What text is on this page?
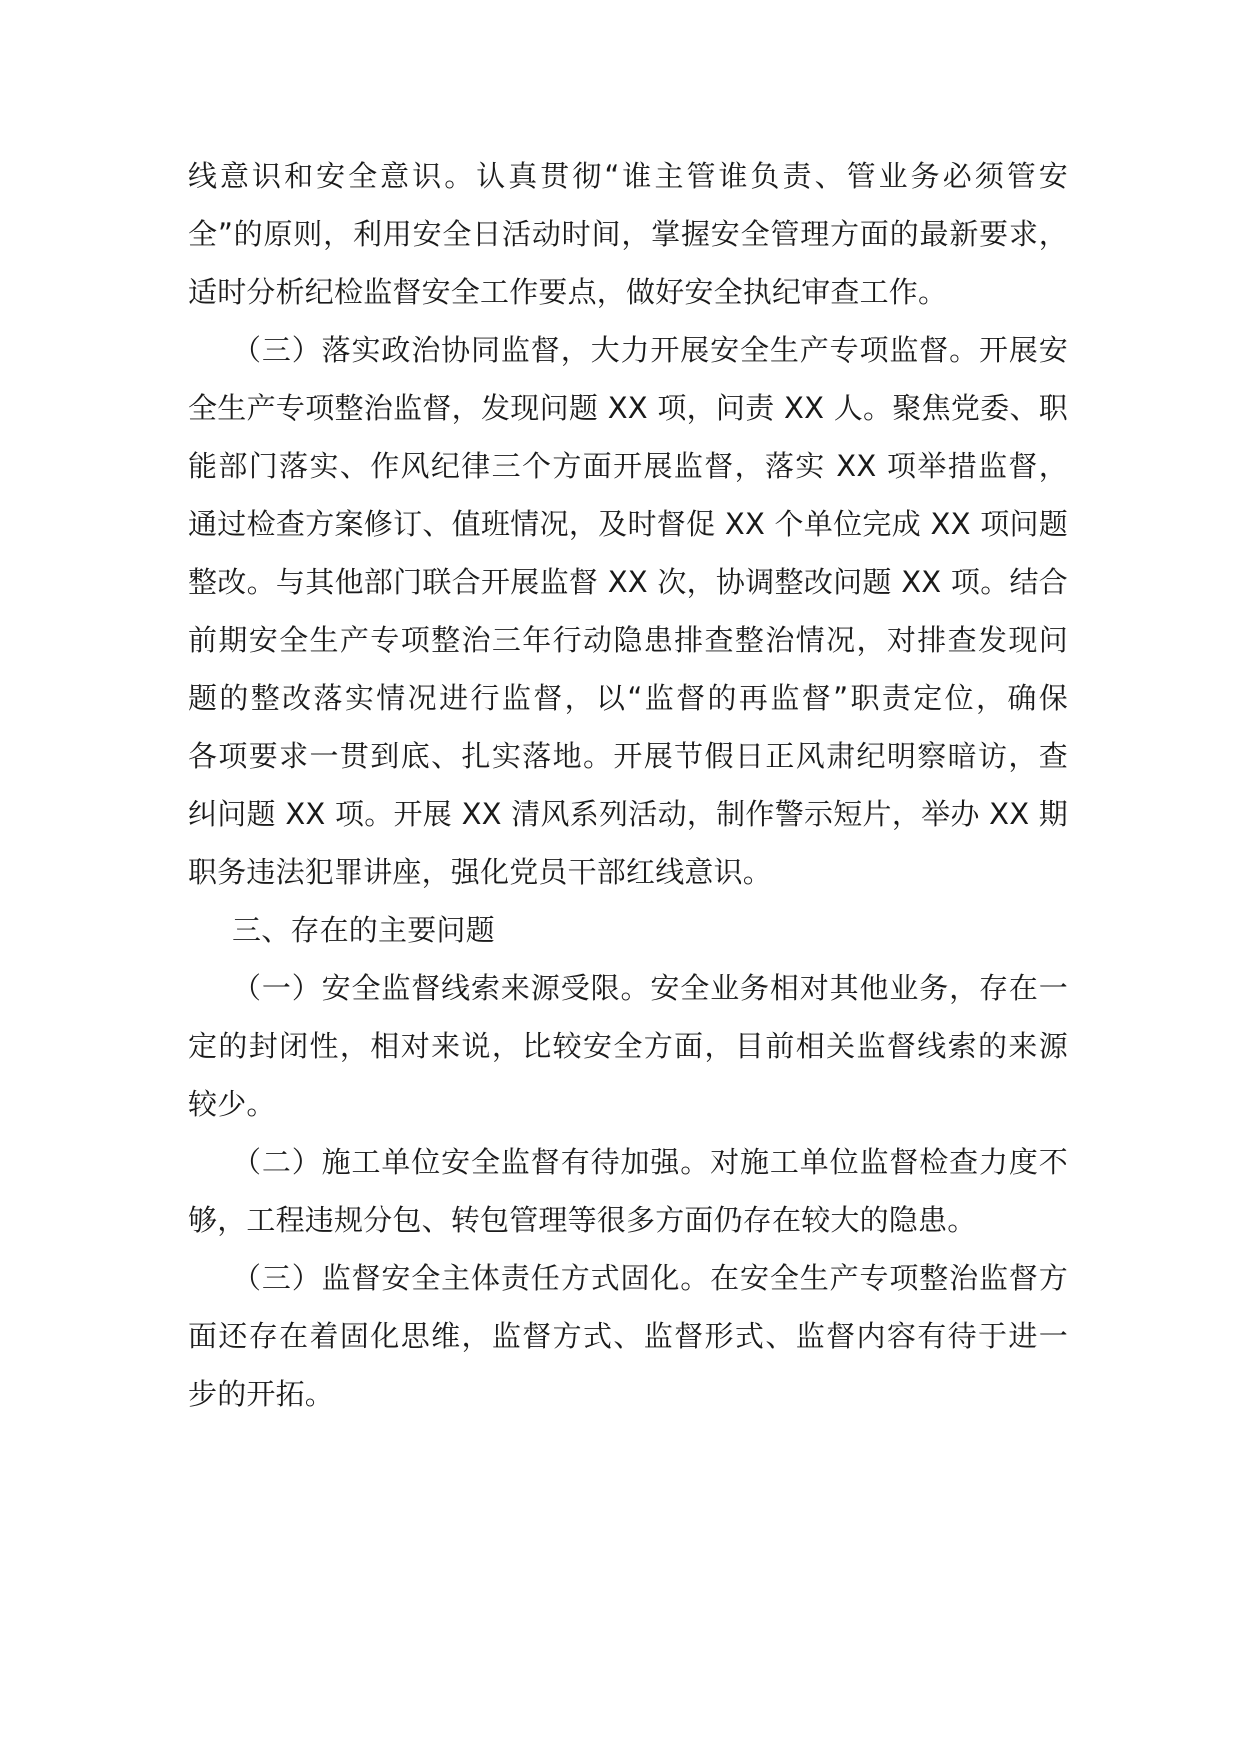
线意识和安全意识。认真贯彻“谁主管谁负责、管业务必须管安
全”的原则，利用安全日活动时间，掌握安全管理方面的最新要求，
适时分析纪检监督安全工作要点，做好安全执纪审查工作。
（三）落实政治协同监督，大力开展安全生产专项监督。开展安
全生产专项整治监督，发现问题 XX 项，问责 XX 人。聚焦党委、职
能部门落实、作风纪律三个方面开展监督，落实 XX 项举措监督，
通过检查方案修订、值班情况，及时督促 XX 个单位完成 XX 项问题
整改。与其他部门联合开展监督 XX 次，协调整改问题 XX 项。结合
前期安全生产专项整治三年行动隐患排查整治情况，对排查发现问
题的整改落实情况进行监督，以“监督的再监督”职责定位，确保
各项要求一贯到底、扎实落地。开展节假日正风肃纪明察暗访，查
纠问题 XX 项。开展 XX 清风系列活动，制作警示短片，举办 XX 期
职务违法犯罪讲座，强化党员干部红线意识。
三、存在的主要问题
（一）安全监督线索来源受限。安全业务相对其他业务，存在一
定的封闭性，相对来说，比较安全方面，目前相关监督线索的来源
较少。
（二）施工单位安全监督有待加强。对施工单位监督检查力度不
够，工程违规分包、转包管理等很多方面仍存在较大的隐患。
（三）监督安全主体责任方式固化。在安全生产专项整治监督方
面还存在着固化思维，监督方式、监督形式、监督内容有待于进一
步的开拓。
